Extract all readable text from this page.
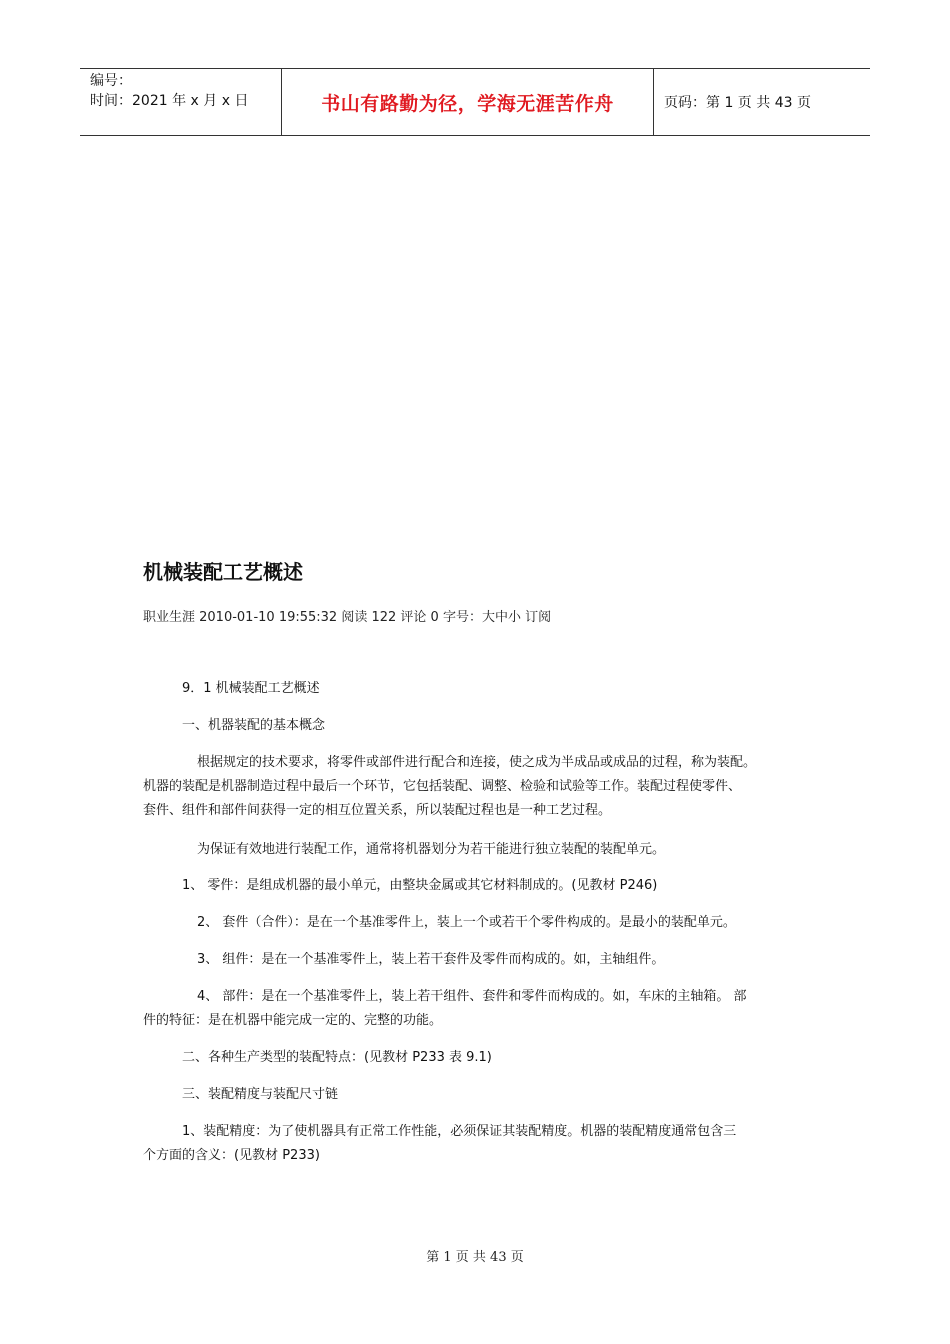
编号：
时间：2021 年 x 月 x 日	书山有路勤为径，学海无涯苦作舟	页码：第 1 页 共 43 页
机械装配工艺概述
职业生涯 2010-01-10 19:55:32 阅读 122 评论 0 字号：大中小 订阅

9．1 机械装配工艺概述

一、机器装配的基本概念

根据规定的技术要求，将零件或部件进行配合和连接，使之成为半成品或成品的过程，称为装配。

机器的装配是机器制造过程中最后一个环节，它包括装配、调整、检验和试验等工作。装配过程使零件、

套件、组件和部件间获得一定的相互位置关系，所以装配过程也是一种工艺过程。

为保证有效地进行装配工作，通常将机器划分为若干能进行独立装配的装配单元。

1、 零件：是组成机器的最小单元，由整块金属或其它材料制成的。(见教材 P246)

2、 套件（合件）：是在一个基准零件上，装上一个或若干个零件构成的。是最小的装配单元。

3、 组件：是在一个基准零件上，装上若干套件及零件而构成的。如，主轴组件。

4、 部件：是在一个基准零件上，装上若干组件、套件和零件而构成的。如，车床的主轴箱。 部

件的特征：是在机器中能完成一定的、完整的功能。

二、各种生产类型的装配特点：(见教材 P233 表 9.1)

三、装配精度与装配尺寸链

1、装配精度：为了使机器具有正常工作性能，必须保证其装配精度。机器的装配精度通常包含三

个方面的含义：(见教材 P233)

第 1 页 共 43 页
